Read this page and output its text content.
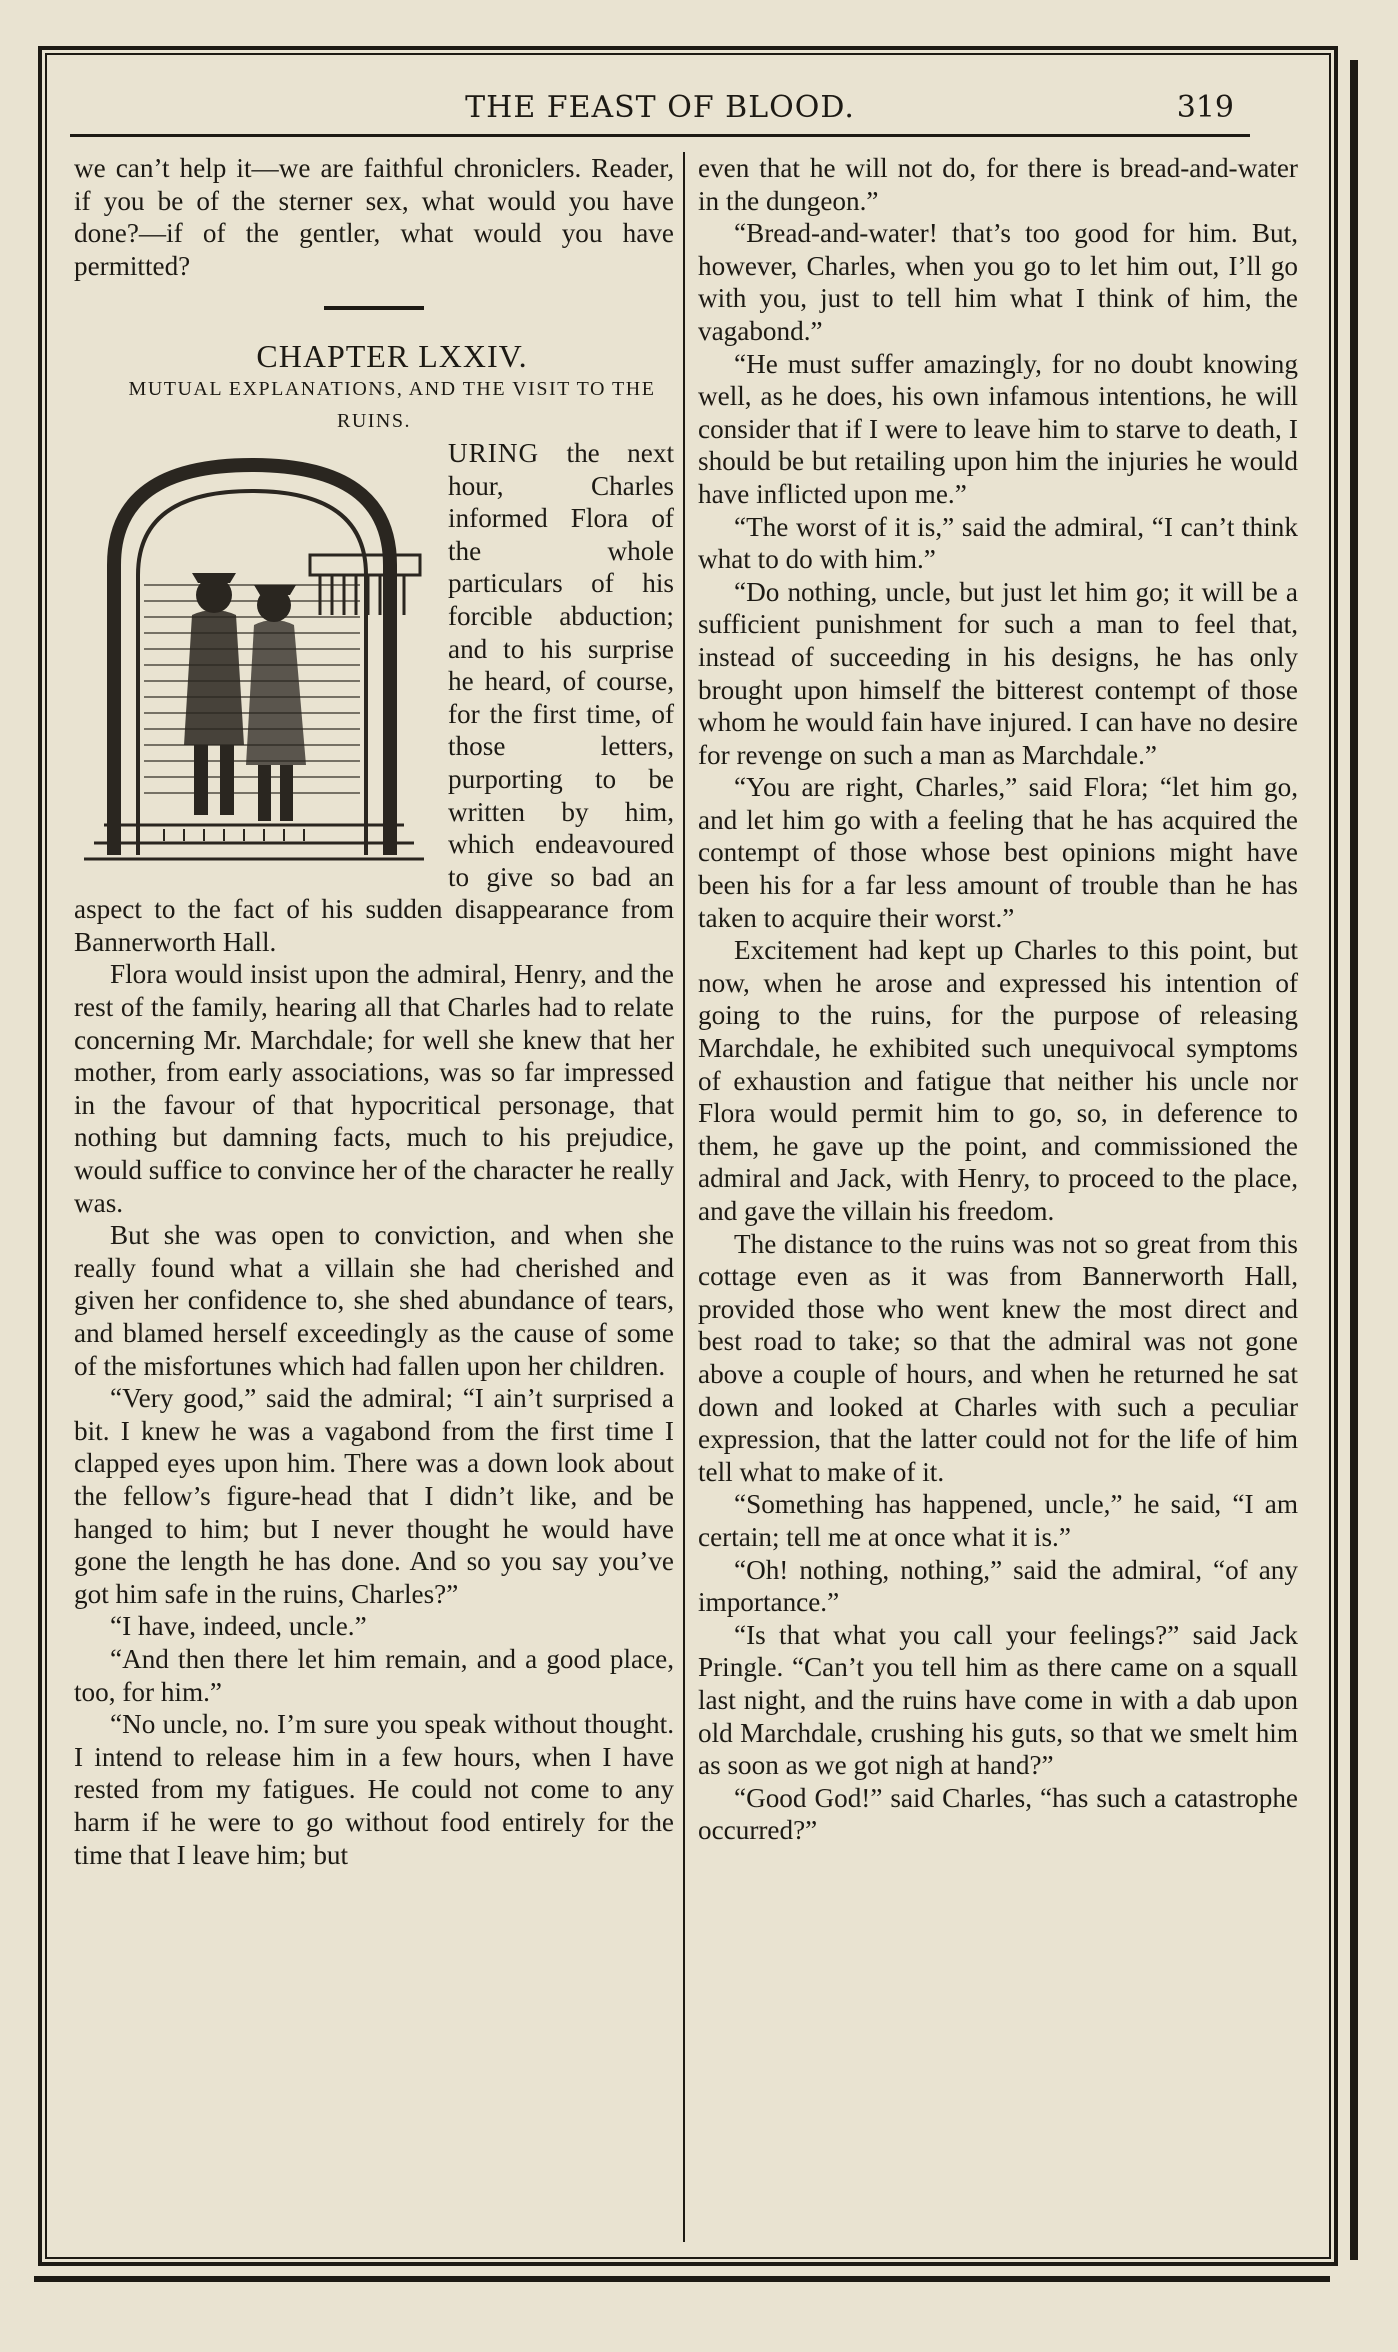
THE FEAST OF BLOOD.	319

we can’t help it—we are faithful chroniclers. Reader, if you be of the sterner sex, what would you have done?—if of the gentler, what would you have permitted?

CHAPTER LXXIV.

MUTUAL EXPLANATIONS, AND THE VISIT TO THE RUINS.

URING the next hour, Charles informed Flora of the whole particulars of his forcible abduction; and to his surprise he heard, of course, for the first time, of those letters, purporting to be written by him, which endeavoured to give so bad an aspect to the fact of his sudden disappearance from Bannerworth Hall.

Flora would insist upon the admiral, Henry, and the rest of the family, hearing all that Charles had to relate concerning Mr. Marchdale; for well she knew that her mother, from early associations, was so far impressed in the favour of that hypocritical personage, that nothing but damning facts, much to his prejudice, would suffice to convince her of the character he really was.

But she was open to conviction, and when she really found what a villain she had cherished and given her confidence to, she shed abundance of tears, and blamed herself exceedingly as the cause of some of the misfortunes which had fallen upon her children.

“Very good,” said the admiral; “I ain’t surprised a bit. I knew he was a vagabond from the first time I clapped eyes upon him. There was a down look about the fellow’s figure-head that I didn’t like, and be hanged to him; but I never thought he would have gone the length he has done. And so you say you’ve got him safe in the ruins, Charles?”

“I have, indeed, uncle.”

“And then there let him remain, and a good place, too, for him.”

“No uncle, no. I’m sure you speak without thought. I intend to release him in a few hours, when I have rested from my fatigues. He could not come to any harm if he were to go without food entirely for the time that I leave him; but

even that he will not do, for there is bread-and-water in the dungeon.”

“Bread-and-water! that’s too good for him. But, however, Charles, when you go to let him out, I’ll go with you, just to tell him what I think of him, the vagabond.”

“He must suffer amazingly, for no doubt knowing well, as he does, his own infamous intentions, he will consider that if I were to leave him to starve to death, I should be but retailing upon him the injuries he would have inflicted upon me.”

“The worst of it is,” said the admiral, “I can’t think what to do with him.”

“Do nothing, uncle, but just let him go; it will be a sufficient punishment for such a man to feel that, instead of succeeding in his designs, he has only brought upon himself the bitterest contempt of those whom he would fain have injured. I can have no desire for revenge on such a man as Marchdale.”

“You are right, Charles,” said Flora; “let him go, and let him go with a feeling that he has acquired the contempt of those whose best opinions might have been his for a far less amount of trouble than he has taken to acquire their worst.”

Excitement had kept up Charles to this point, but now, when he arose and expressed his intention of going to the ruins, for the purpose of releasing Marchdale, he exhibited such unequivocal symptoms of exhaustion and fatigue that neither his uncle nor Flora would permit him to go, so, in deference to them, he gave up the point, and commissioned the admiral and Jack, with Henry, to proceed to the place, and gave the villain his freedom.

The distance to the ruins was not so great from this cottage even as it was from Bannerworth Hall, provided those who went knew the most direct and best road to take; so that the admiral was not gone above a couple of hours, and when he returned he sat down and looked at Charles with such a peculiar expression, that the latter could not for the life of him tell what to make of it.

“Something has happened, uncle,” he said, “I am certain; tell me at once what it is.”

“Oh! nothing, nothing,” said the admiral, “of any importance.”

“Is that what you call your feelings?” said Jack Pringle. “Can’t you tell him as there came on a squall last night, and the ruins have come in with a dab upon old Marchdale, crushing his guts, so that we smelt him as soon as we got nigh at hand?”

“Good God!” said Charles, “has such a catastrophe occurred?”
